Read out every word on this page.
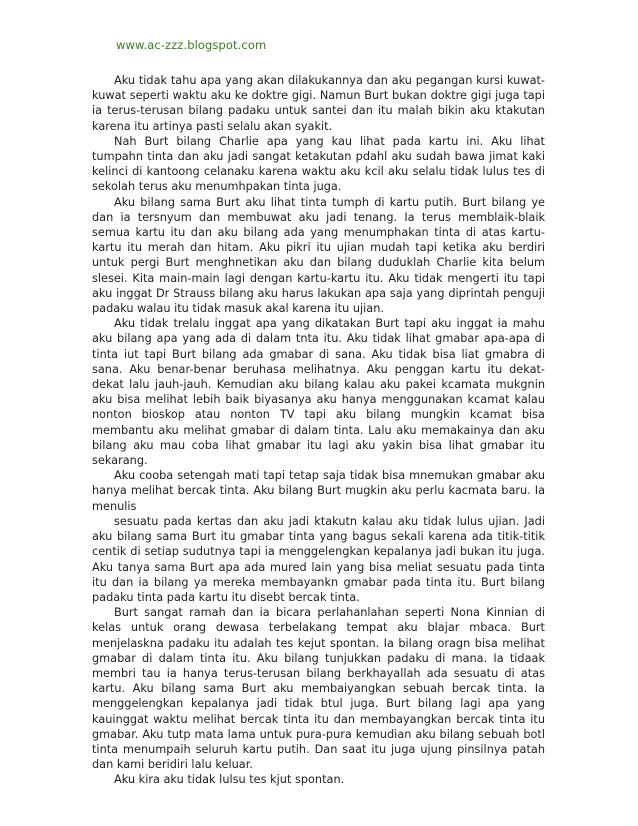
www.ac-zzz.blogspot.com

Aku tidak tahu apa yang akan dilakukannya dan aku pegangan kursi kuwat-kuwat seperti waktu aku ke doktre gigi. Namun Burt bukan doktre gigi juga tapi ia terus-terusan bilang padaku untuk santei dan itu malah bikin aku ktakutan karena itu artinya pasti selalu akan syakit.

Nah Burt bilang Charlie apa yang kau lihat pada kartu ini. Aku lihat tumpahn tinta dan aku jadi sangat ketakutan pdahl aku sudah bawa jimat kaki kelinci di kantoong celanaku karena waktu aku kcil aku selalu tidak lulus tes di sekolah terus aku menumhpakan tinta juga.

Aku bilang sama Burt aku lihat tinta tumph di kartu putih. Burt bilang ye dan ia tersnyum dan membuwat aku jadi tenang. Ia terus memblaik-blaik semua kartu itu dan aku bilang ada yang menumphakan tinta di atas kartu-kartu itu merah dan hitam. Aku pikri itu ujian mudah tapi ketika aku berdiri untuk pergi Burt menghnetikan aku dan bilang duduklah Charlie kita belum slesei. Kita main-main lagi dengan kartu-kartu itu. Aku tidak mengerti itu tapi aku inggat Dr Strauss bilang aku harus lakukan apa saja yang diprintah penguji padaku walau itu tidak masuk akal karena itu ujian.

Aku tidak trelalu inggat apa yang dikatakan Burt tapi aku inggat ia mahu aku bilang apa yang ada di dalam tnta itu. Aku tidak lihat gmabar apa-apa di tinta iut tapi Burt bilang ada gmabar di sana. Aku tidak bisa liat gmabra di sana. Aku benar-benar beruhasa melihatnya. Aku penggan kartu itu dekat-dekat lalu jauh-jauh. Kemudian aku bilang kalau aku pakei kcamata mukgnin aku bisa melihat lebih baik biyasanya aku hanya menggunakan kcamat kalau nonton bioskop atau nonton TV tapi aku bilang mungkin kcamat bisa membantu aku melihat gmabar di dalam tinta. Lalu aku memakainya dan aku bilang aku mau coba lihat gmabar itu lagi aku yakin bisa lihat gmabar itu sekarang.

Aku cooba setengah mati tapi tetap saja tidak bisa mnemukan gmabar aku hanya melihat bercak tinta. Aku bilang Burt mugkin aku perlu kacmata baru. Ia menulis

sesuatu pada kertas dan aku jadi ktakutn kalau aku tidak lulus ujian. Jadi aku bilang sama Burt itu gmabar tinta yang bagus sekali karena ada titik-titik centik di setiap sudutnya tapi ia menggelengkan kepalanya jadi bukan itu juga. Aku tanya sama Burt apa ada mured lain yang bisa meliat sesuatu pada tinta itu dan ia bilang ya mereka membayankn gmabar pada tinta itu. Burt bilang padaku tinta pada kartu itu disebt bercak tinta.

Burt sangat ramah dan ia bicara perlahanlahan seperti Nona Kinnian di kelas untuk orang dewasa terbelakang tempat aku blajar mbaca. Burt menjelaskna padaku itu adalah tes kejut spontan. Ia bilang oragn bisa melihat gmabar di dalam tinta itu. Aku bilang tunjukkan padaku di mana. Ia tidaak membri tau ia hanya terus-terusan bilang berkhayallah ada sesuatu di atas kartu. Aku bilang sama Burt aku membaiyangkan sebuah bercak tinta. Ia menggelengkan kepalanya jadi tidak btul juga. Burt bilang lagi apa yang kauinggat waktu melihat bercak tinta itu dan membayangkan bercak tinta itu gmabar. Aku tutp mata lama untuk pura-pura kemudian aku bilang sebuah botl tinta menumpaih seluruh kartu putih. Dan saat itu juga ujung pinsilnya patah dan kami beridiri lalu keluar.

Aku kira aku tidak lulsu tes kjut spontan.
